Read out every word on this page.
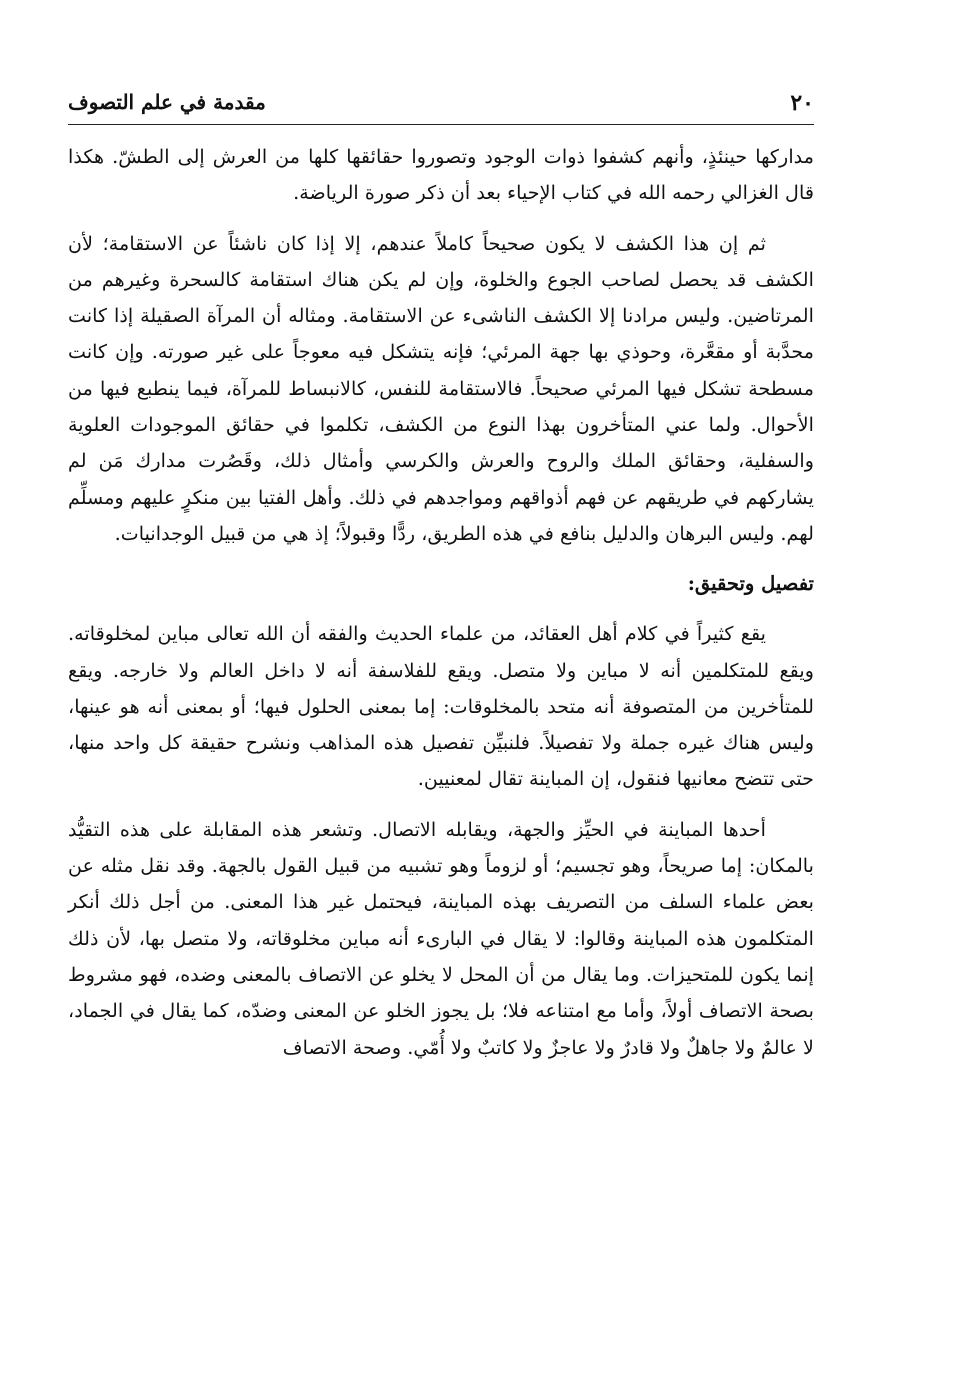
٢٠
مقدمة في علم التصوف

مداركها حينئذٍ، وأنهم كشفوا ذوات الوجود وتصوروا حقائقها كلها من العرش إلى الطشّ. هكذا قال الغزالي رحمه الله في كتاب الإحياء بعد أن ذكر صورة الرياضة.

ثم إن هذا الكشف لا يكون صحيحاً كاملاً عندهم، إلا إذا كان ناشئاً عن الاستقامة؛ لأن الكشف قد يحصل لصاحب الجوع والخلوة، وإن لم يكن هناك استقامة كالسحرة وغيرهم من المرتاضين. وليس مرادنا إلا الكشف الناشىء عن الاستقامة. ومثاله أن المرآة الصقيلة إذا كانت محدَّبة أو مقعَّرة، وحوذي بها جهة المرئي؛ فإنه يتشكل فيه معوجاً على غير صورته. وإن كانت مسطحة تشكل فيها المرئي صحيحاً. فالاستقامة للنفس، كالانبساط للمرآة، فيما ينطبع فيها من الأحوال. ولما عني المتأخرون بهذا النوع من الكشف، تكلموا في حقائق الموجودات العلوية والسفلية، وحقائق الملك والروح والعرش والكرسي وأمثال ذلك، وقَصُرت مدارك مَن لم يشاركهم في طريقهم عن فهم أذواقهم ومواجدهم في ذلك. وأهل الفتيا بين منكرٍ عليهم ومسلِّم لهم. وليس البرهان والدليل بنافع في هذه الطريق، ردًّا وقبولاً؛ إذ هي من قبيل الوجدانيات.

تفصيل وتحقيق:

يقع كثيراً في كلام أهل العقائد، من علماء الحديث والفقه أن الله تعالى مباين لمخلوقاته. ويقع للمتكلمين أنه لا مباين ولا متصل. ويقع للفلاسفة أنه لا داخل العالم ولا خارجه. ويقع للمتأخرين من المتصوفة أنه متحد بالمخلوقات: إما بمعنى الحلول فيها؛ أو بمعنى أنه هو عينها، وليس هناك غيره جملة ولا تفصيلاً. فلنبيِّن تفصيل هذه المذاهب ونشرح حقيقة كل واحد منها، حتى تتضح معانيها فنقول، إن المباينة تقال لمعنيين.

أحدها المباينة في الحيِّز والجهة، ويقابله الاتصال. وتشعر هذه المقابلة على هذه التقيُّد بالمكان: إما صريحاً، وهو تجسيم؛ أو لزوماً وهو تشبيه من قبيل القول بالجهة. وقد نقل مثله عن بعض علماء السلف من التصريف بهذه المباينة، فيحتمل غير هذا المعنى. من أجل ذلك أنكر المتكلمون هذه المباينة وقالوا: لا يقال في البارىء أنه مباين مخلوقاته، ولا متصل بها، لأن ذلك إنما يكون للمتحيزات. وما يقال من أن المحل لا يخلو عن الاتصاف بالمعنى وضده، فهو مشروط بصحة الاتصاف أولاً، وأما مع امتناعه فلا؛ بل يجوز الخلو عن المعنى وضدّه، كما يقال في الجماد، لا عالمٌ ولا جاهلٌ ولا قادرٌ ولا عاجزٌ ولا كاتبٌ ولا أُمّي. وصحة الاتصاف
